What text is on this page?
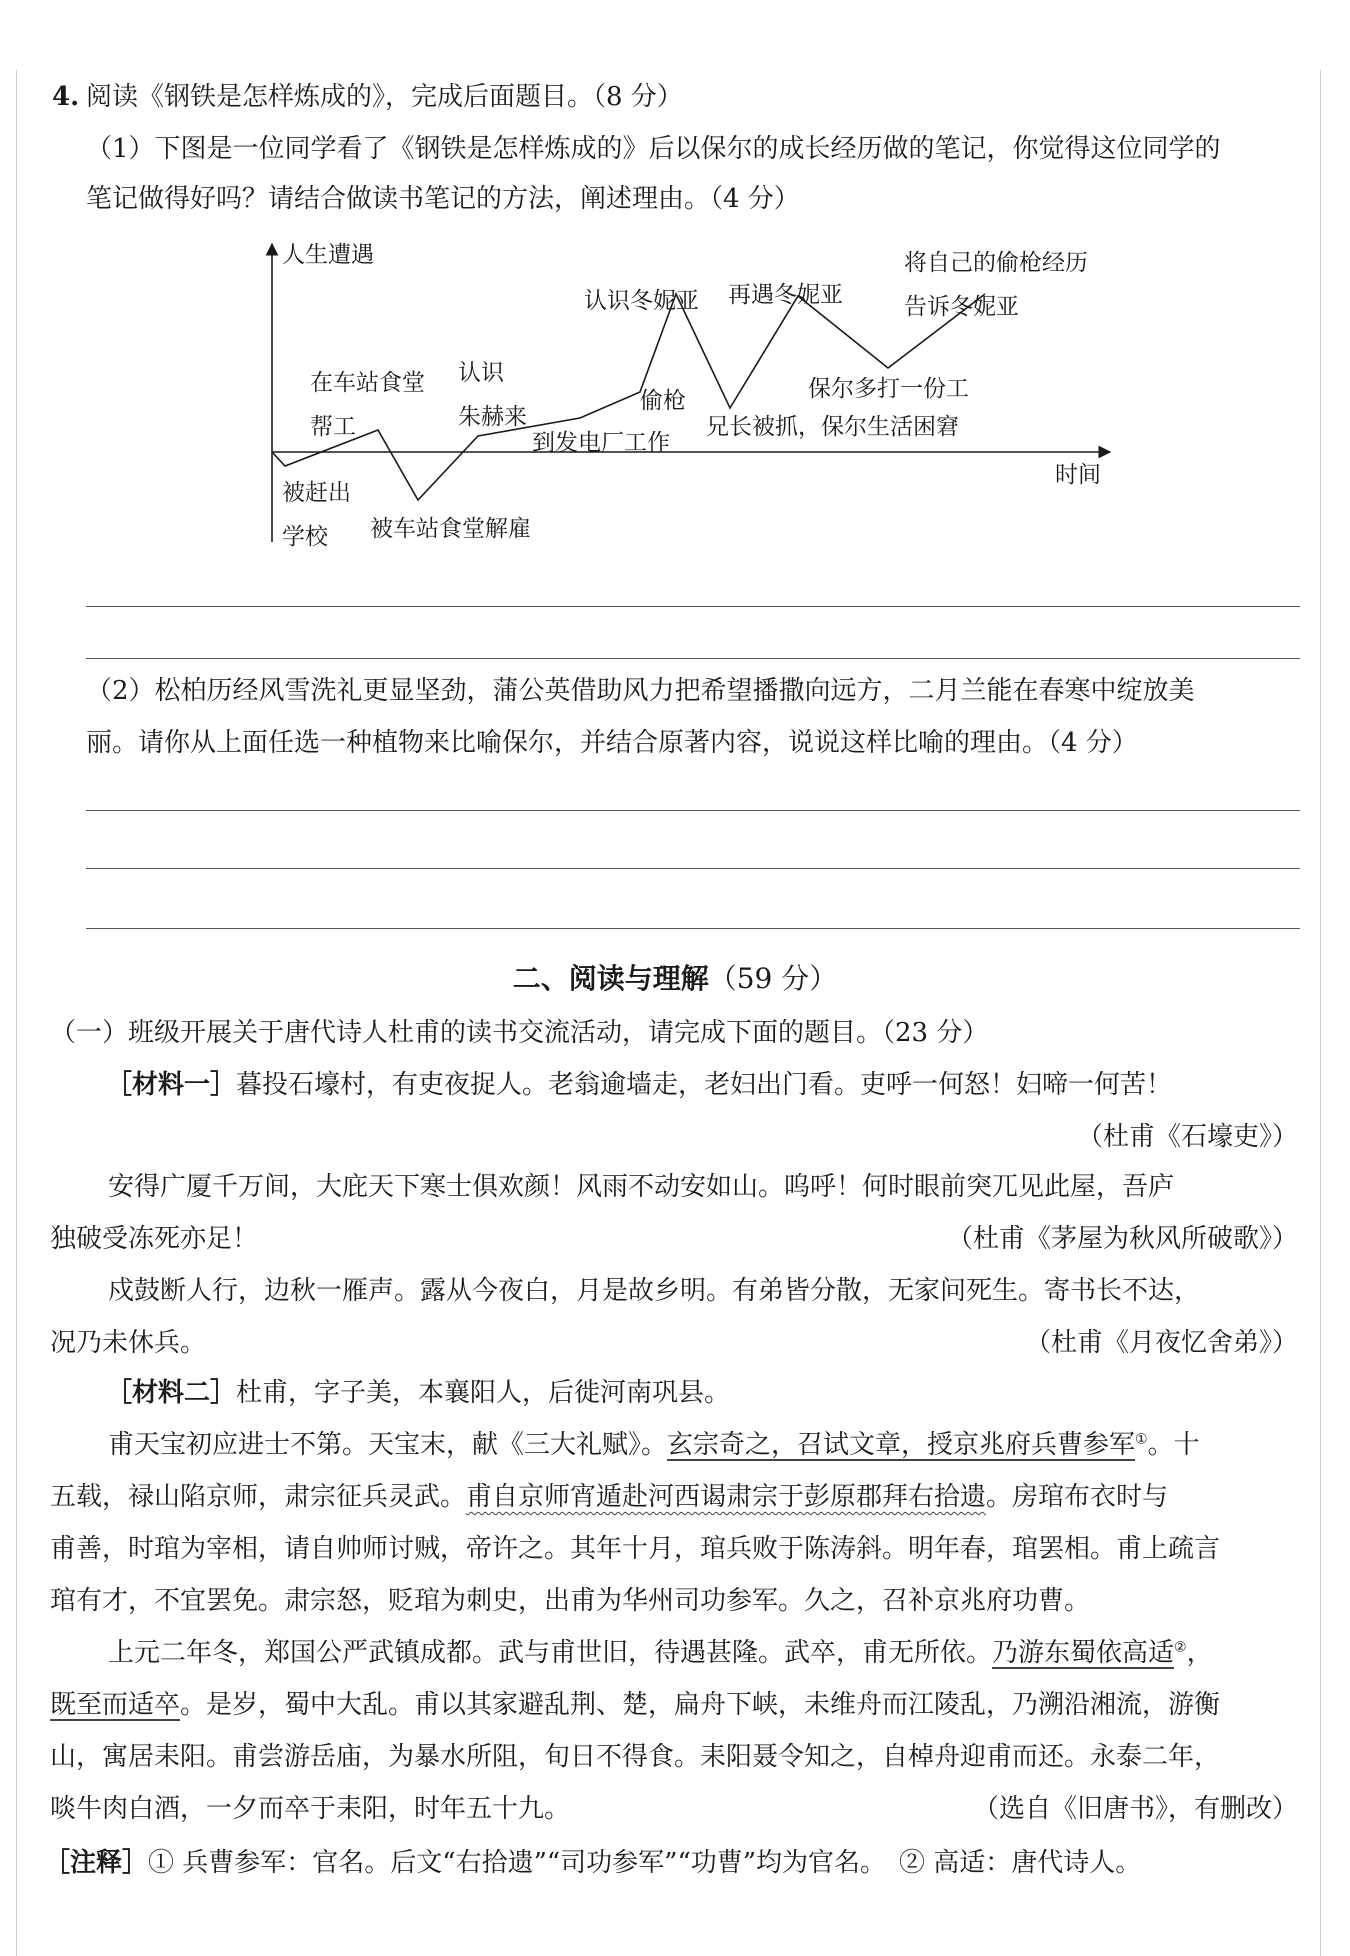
4. 阅读《钢铁是怎样炼成的》，完成后面题目。（8 分）
（1）下图是一位同学看了《钢铁是怎样炼成的》后以保尔的成长经历做的笔记，你觉得这位同学的
笔记做得好吗？请结合做读书笔记的方法，阐述理由。（4 分）
人生遭遇
时间
被赶出
学校
在车站食堂
帮工
被车站食堂解雇
认识
朱赫来
到发电厂工作
偷枪
认识冬妮亚
兄长被抓，保尔生活困窘
再遇冬妮亚
保尔多打一份工
将自己的偷枪经历
告诉冬妮亚
（2）松柏历经风雪洗礼更显坚劲，蒲公英借助风力把希望播撒向远方，二月兰能在春寒中绽放美
丽。请你从上面任选一种植物来比喻保尔，并结合原著内容，说说这样比喻的理由。（4 分）
二、阅读与理解（59 分）
（一）班级开展关于唐代诗人杜甫的读书交流活动，请完成下面的题目。（23 分）
［材料一］暮投石壕村，有吏夜捉人。老翁逾墙走，老妇出门看。吏呼一何怒！妇啼一何苦！
（杜甫《石壕吏》）
安得广厦千万间，大庇天下寒士俱欢颜！风雨不动安如山。呜呼！何时眼前突兀见此屋，吾庐
独破受冻死亦足！	（杜甫《茅屋为秋风所破歌》）
戍鼓断人行，边秋一雁声。露从今夜白，月是故乡明。有弟皆分散，无家问死生。寄书长不达，
况乃未休兵。	（杜甫《月夜忆舍弟》）
［材料二］杜甫，字子美，本襄阳人，后徙河南巩县。
甫天宝初应进士不第。天宝末，献《三大礼赋》。玄宗奇之，召试文章，授京兆府兵曹参军①。十
五载，禄山陷京师，肃宗征兵灵武。甫自京师宵遁赴河西谒肃宗于彭原郡拜右拾遗。房琯布衣时与
甫善，时琯为宰相，请自帅师讨贼，帝许之。其年十月，琯兵败于陈涛斜。明年春，琯罢相。甫上疏言
琯有才，不宜罢免。肃宗怒，贬琯为刺史，出甫为华州司功参军。久之，召补京兆府功曹。
上元二年冬，郑国公严武镇成都。武与甫世旧，待遇甚隆。武卒，甫无所依。乃游东蜀依高适②，
既至而适卒。是岁，蜀中大乱。甫以其家避乱荆、楚，扁舟下峡，未维舟而江陵乱，乃溯沿湘流，游衡
山，寓居耒阳。甫尝游岳庙，为暴水所阻，旬日不得食。耒阳聂令知之，自棹舟迎甫而还。永泰二年，
啖牛肉白酒，一夕而卒于耒阳，时年五十九。	（选自《旧唐书》，有删改）
［注释］① 兵曹参军：官名。后文“右拾遗”“司功参军”“功曹”均为官名。　② 高适：唐代诗人。
